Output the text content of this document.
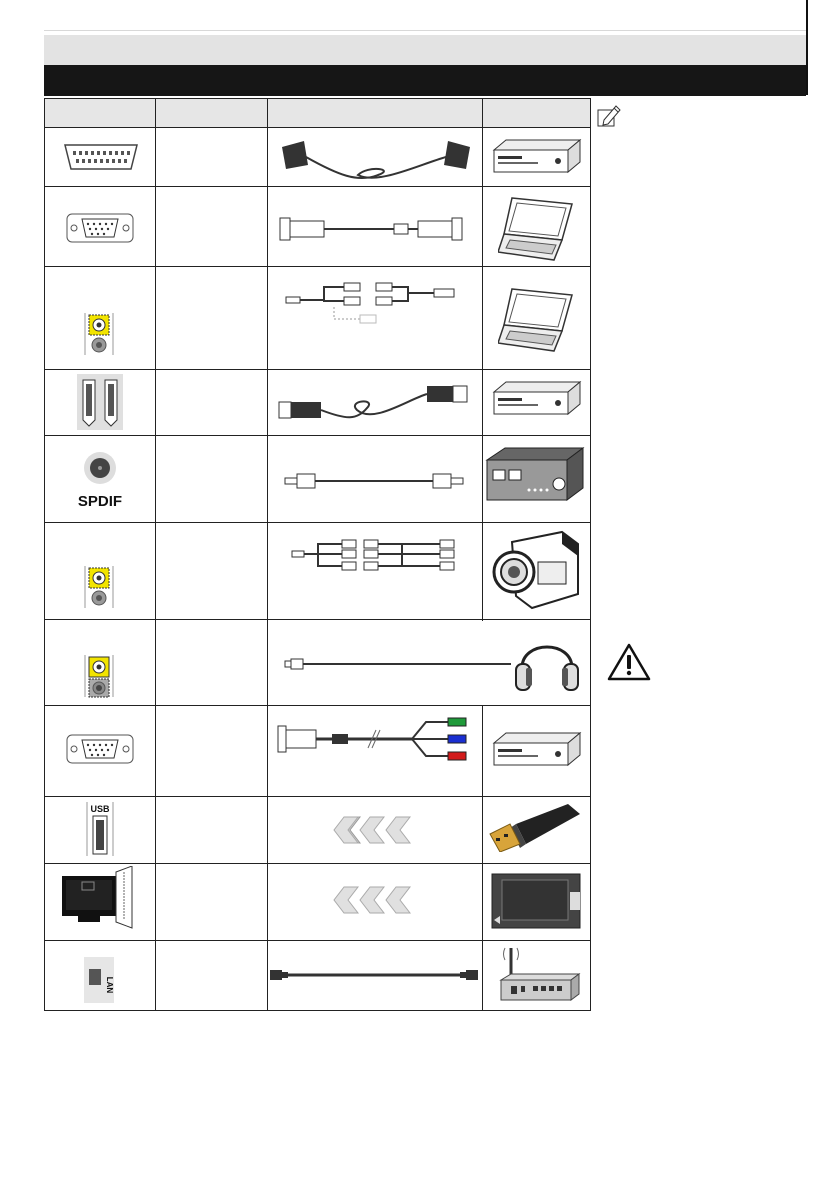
SPDIF
USB
LAN
